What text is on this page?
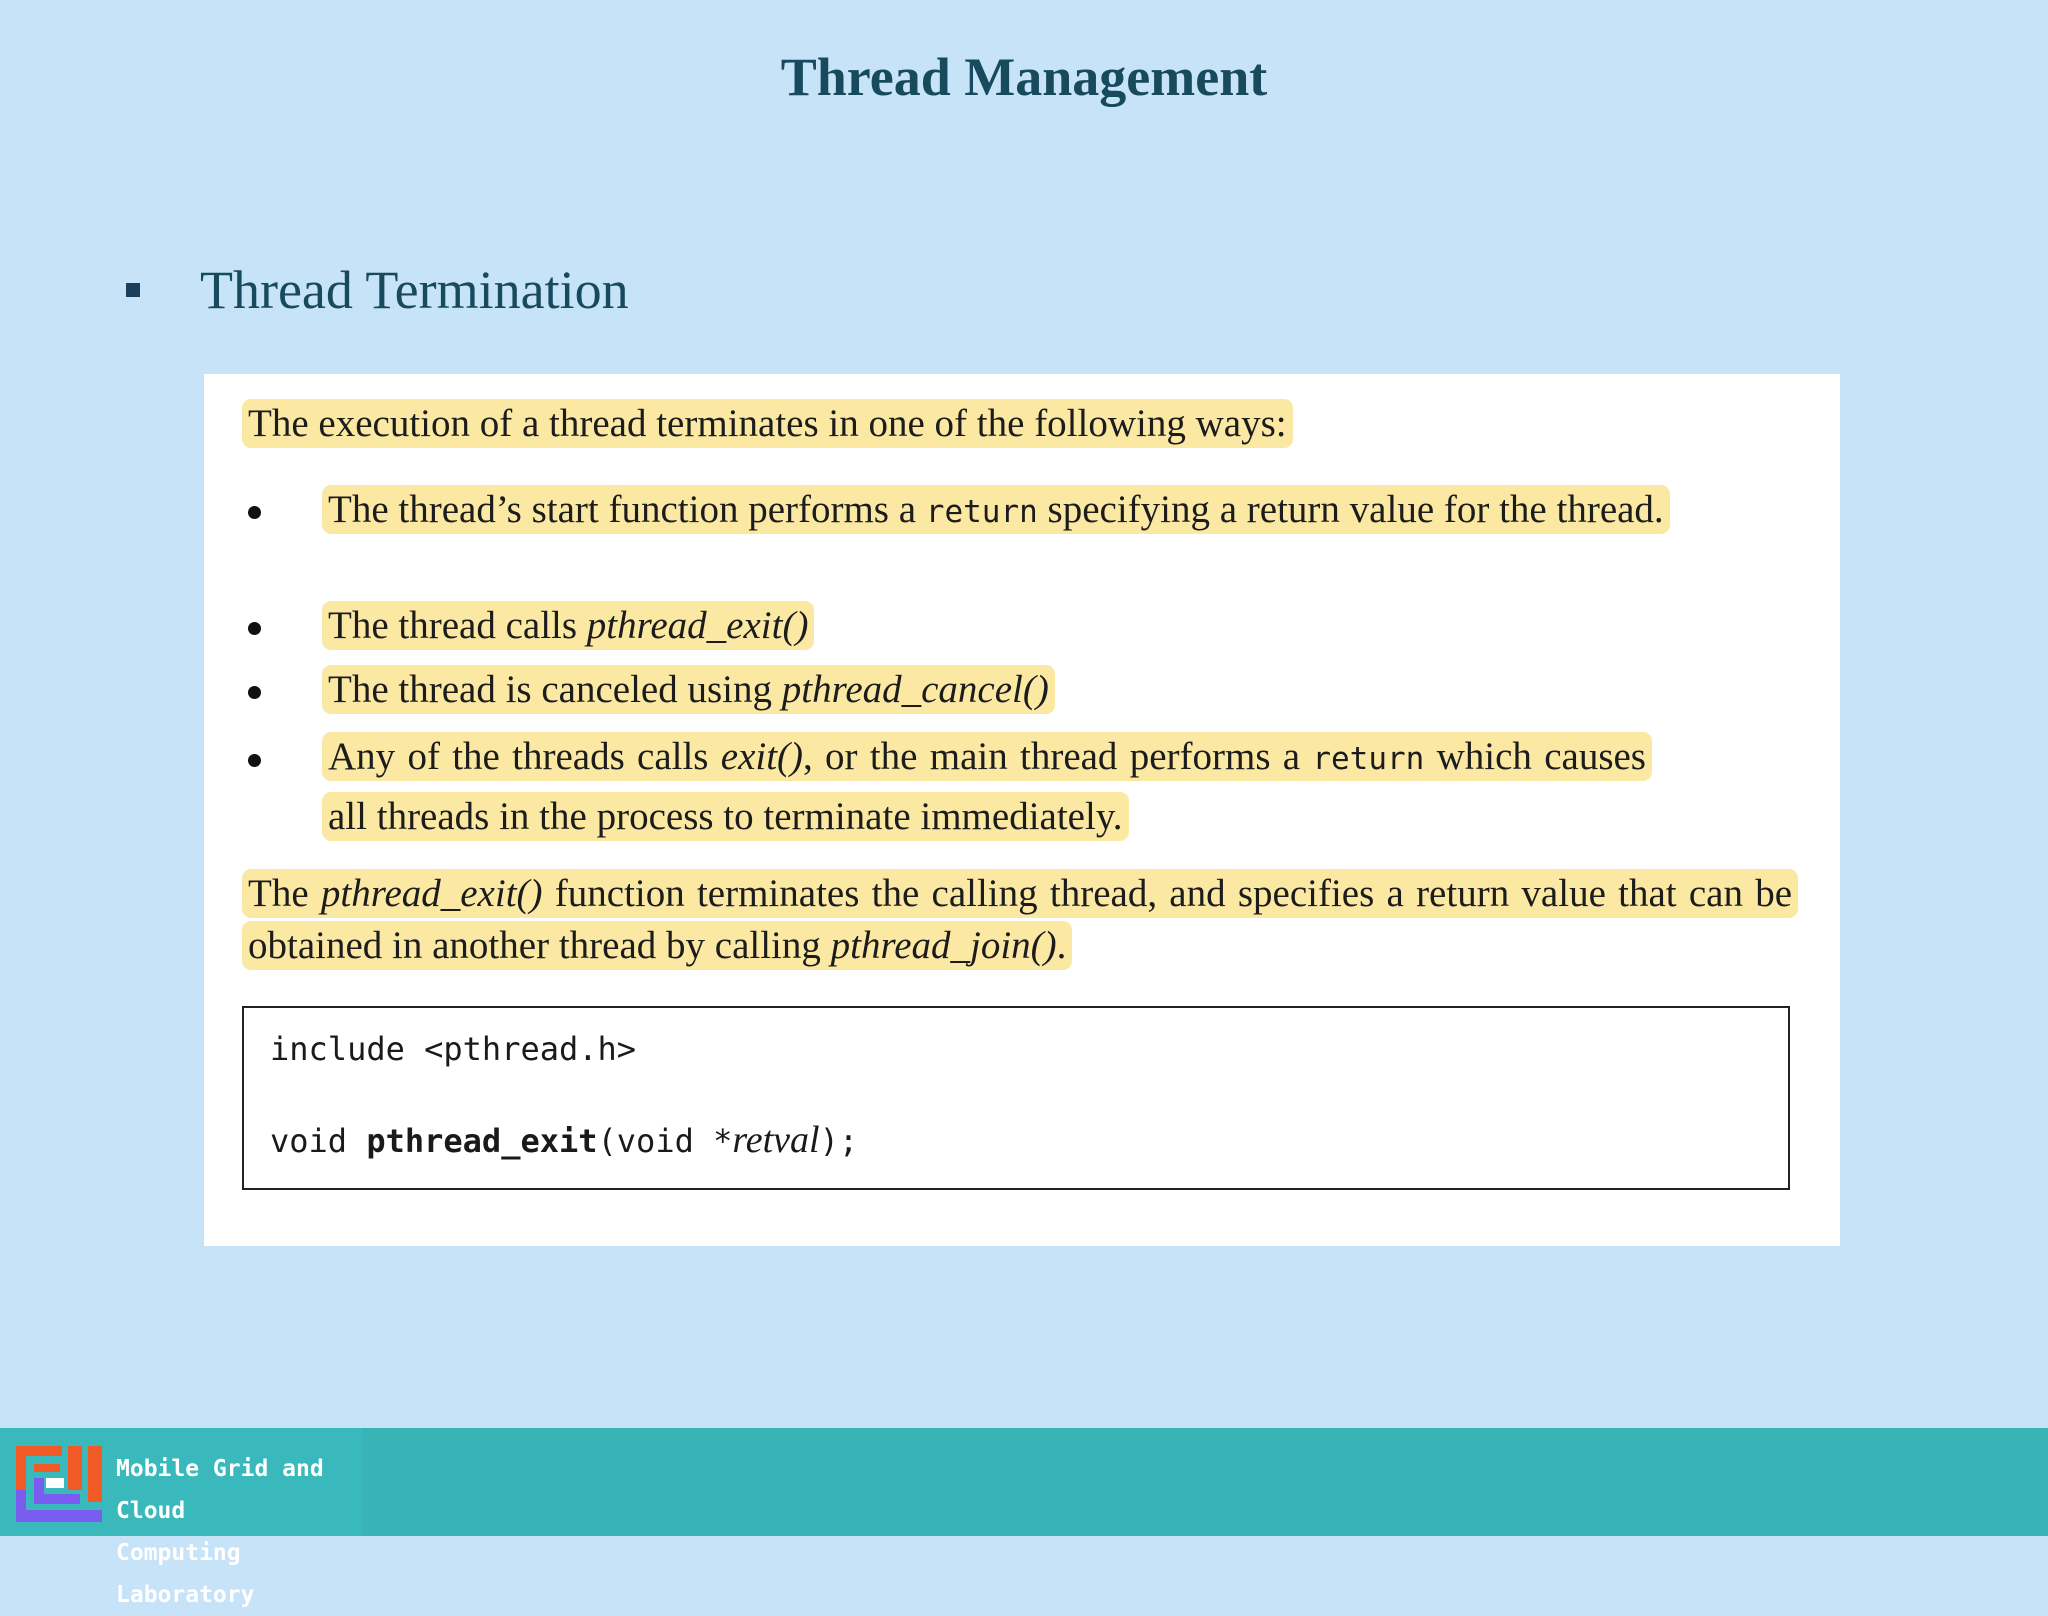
Thread Management
Thread Termination
The execution of a thread terminates in one of the following ways:
The thread’s start function performs a return specifying a return value for the thread.
The thread calls pthread_exit()
The thread is canceled using pthread_cancel()
Any of the threads calls exit(), or the main thread performs a return which causes all threads in the process to terminate immediately.
The pthread_exit() function terminates the calling thread, and specifies a return value that can be obtained in another thread by calling pthread_join().
include <pthread.h>
void pthread_exit(void *retval);
Mobile Grid and Cloud
Computing Laboratory
